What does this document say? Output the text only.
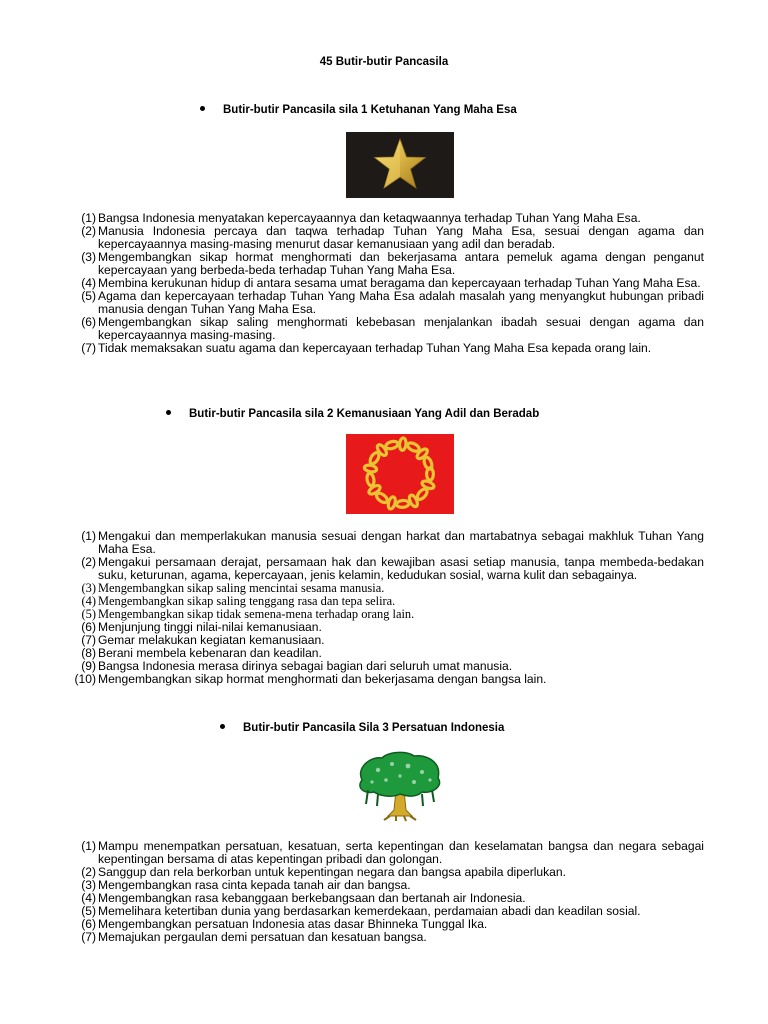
45 Butir-butir Pancasila
Butir-butir Pancasila sila 1 Ketuhanan Yang Maha Esa
(1) Bangsa Indonesia menyatakan kepercayaannya dan ketaqwaannya terhadap Tuhan Yang Maha Esa.
(2) Manusia Indonesia percaya dan taqwa terhadap Tuhan Yang Maha Esa, sesuai dengan agama dan kepercayaannya masing-masing menurut dasar kemanusiaan yang adil dan beradab.
(3) Mengembangkan sikap hormat menghormati dan bekerjasama antara pemeluk agama dengan penganut kepercayaan yang berbeda-beda terhadap Tuhan Yang Maha Esa.
(4) Membina kerukunan hidup di antara sesama umat beragama dan kepercayaan terhadap Tuhan Yang Maha Esa.
(5) Agama dan kepercayaan terhadap Tuhan Yang Maha Esa adalah masalah yang menyangkut hubungan pribadi manusia dengan Tuhan Yang Maha Esa.
(6) Mengembangkan sikap saling menghormati kebebasan menjalankan ibadah sesuai dengan agama dan kepercayaannya masing-masing.
(7) Tidak memaksakan suatu agama dan kepercayaan terhadap Tuhan Yang Maha Esa kepada orang lain.
Butir-butir Pancasila sila 2 Kemanusiaan Yang Adil dan Beradab
(1) Mengakui dan memperlakukan manusia sesuai dengan harkat dan martabatnya sebagai makhluk Tuhan Yang Maha Esa.
(2) Mengakui persamaan derajat, persamaan hak dan kewajiban asasi setiap manusia, tanpa membeda-bedakan suku, keturunan, agama, kepercayaan, jenis kelamin, kedudukan sosial, warna kulit dan sebagainya.
(3) Mengembangkan sikap saling mencintai sesama manusia.
(4) Mengembangkan sikap saling tenggang rasa dan tepa selira.
(5) Mengembangkan sikap tidak semena-mena terhadap orang lain.
(6) Menjunjung tinggi nilai-nilai kemanusiaan.
(7) Gemar melakukan kegiatan kemanusiaan.
(8) Berani membela kebenaran dan keadilan.
(9) Bangsa Indonesia merasa dirinya sebagai bagian dari seluruh umat manusia.
(10) Mengembangkan sikap hormat menghormati dan bekerjasama dengan bangsa lain.
Butir-butir Pancasila Sila 3 Persatuan Indonesia
(1) Mampu menempatkan persatuan, kesatuan, serta kepentingan dan keselamatan bangsa dan negara sebagai kepentingan bersama di atas kepentingan pribadi dan golongan.
(2) Sanggup dan rela berkorban untuk kepentingan negara dan bangsa apabila diperlukan.
(3) Mengembangkan rasa cinta kepada tanah air dan bangsa.
(4) Mengembangkan rasa kebanggaan berkebangsaan dan bertanah air Indonesia.
(5) Memelihara ketertiban dunia yang berdasarkan kemerdekaan, perdamaian abadi dan keadilan sosial.
(6) Mengembangkan persatuan Indonesia atas dasar Bhinneka Tunggal Ika.
(7) Memajukan pergaulan demi persatuan dan kesatuan bangsa.
